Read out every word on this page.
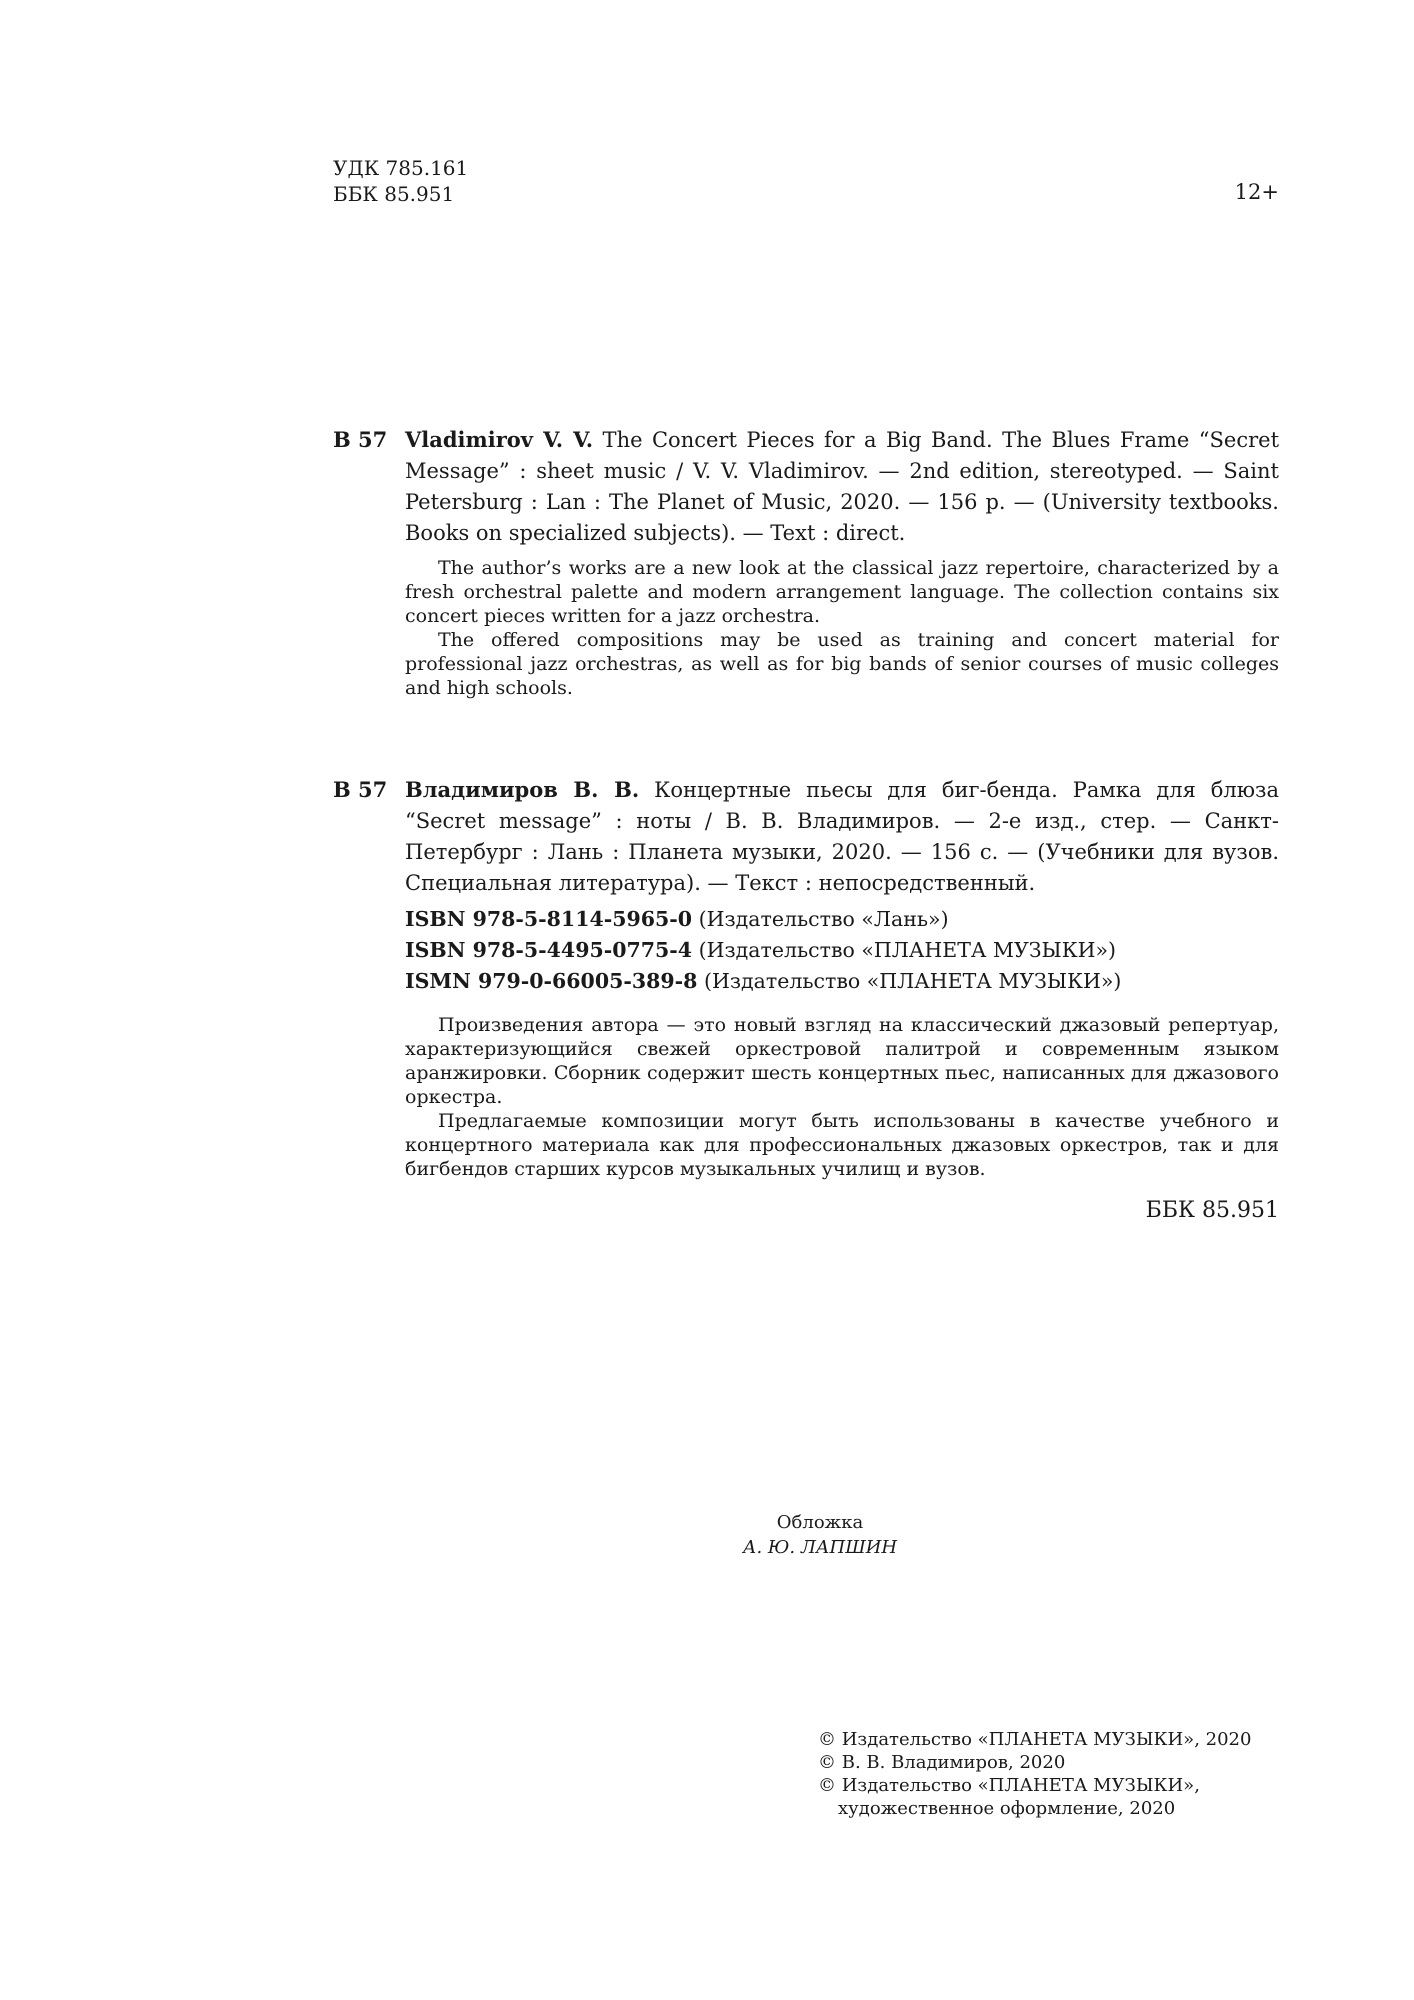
УДК 785.161
ББК 85.951	12+
В 57 Vladimirov V. V. The Concert Pieces for a Big Band. The Blues Frame “Secret Message” : sheet music / V. V. Vladimirov. — 2nd edition, stereotyped. — Saint Petersburg : Lan : The Planet of Music, 2020. — 156 p. — (University textbooks. Books on specialized subjects). — Text : direct.

The author’s works are a new look at the classical jazz repertoire, characterized by a fresh orchestral palette and modern arrangement language. The collection contains six concert pieces written for a jazz orchestra.

The offered compositions may be used as training and concert material for professional jazz orchestras, as well as for big bands of senior courses of music colleges and high schools.

В 57 Владимиров В. В. Концертные пьесы для биг-бенда. Рамка для блюза “Secret message” : ноты / В. В. Владимиров. — 2-е изд., стер. — Санкт-Петербург : Лань : Планета музыки, 2020. — 156 с. — (Учебники для вузов. Специальная литература). — Текст : непосредственный.
ISBN 978-5-8114-5965-0 (Издательство «Лань»)
ISBN 978-5-4495-0775-4 (Издательство «ПЛАНЕТА МУЗЫКИ»)
ISMN 979-0-66005-389-8 (Издательство «ПЛАНЕТА МУЗЫКИ»)

Произведения автора — это новый взгляд на классический джазовый репертуар, характеризующийся свежей оркестровой палитрой и современным языком аранжировки. Сборник содержит шесть концертных пьес, написанных для джазового оркестра.

Предлагаемые композиции могут быть использованы в качестве учебного и концертного материала как для профессиональных джазовых оркестров, так и для бигбендов старших курсов музыкальных училищ и вузов.

ББК 85.951
Обложка
А. Ю. ЛАПШИН
© Издательство «ПЛАНЕТА МУЗЫКИ», 2020
© В. В. Владимиров, 2020
© Издательство «ПЛАНЕТА МУЗЫКИ», художественное оформление, 2020
